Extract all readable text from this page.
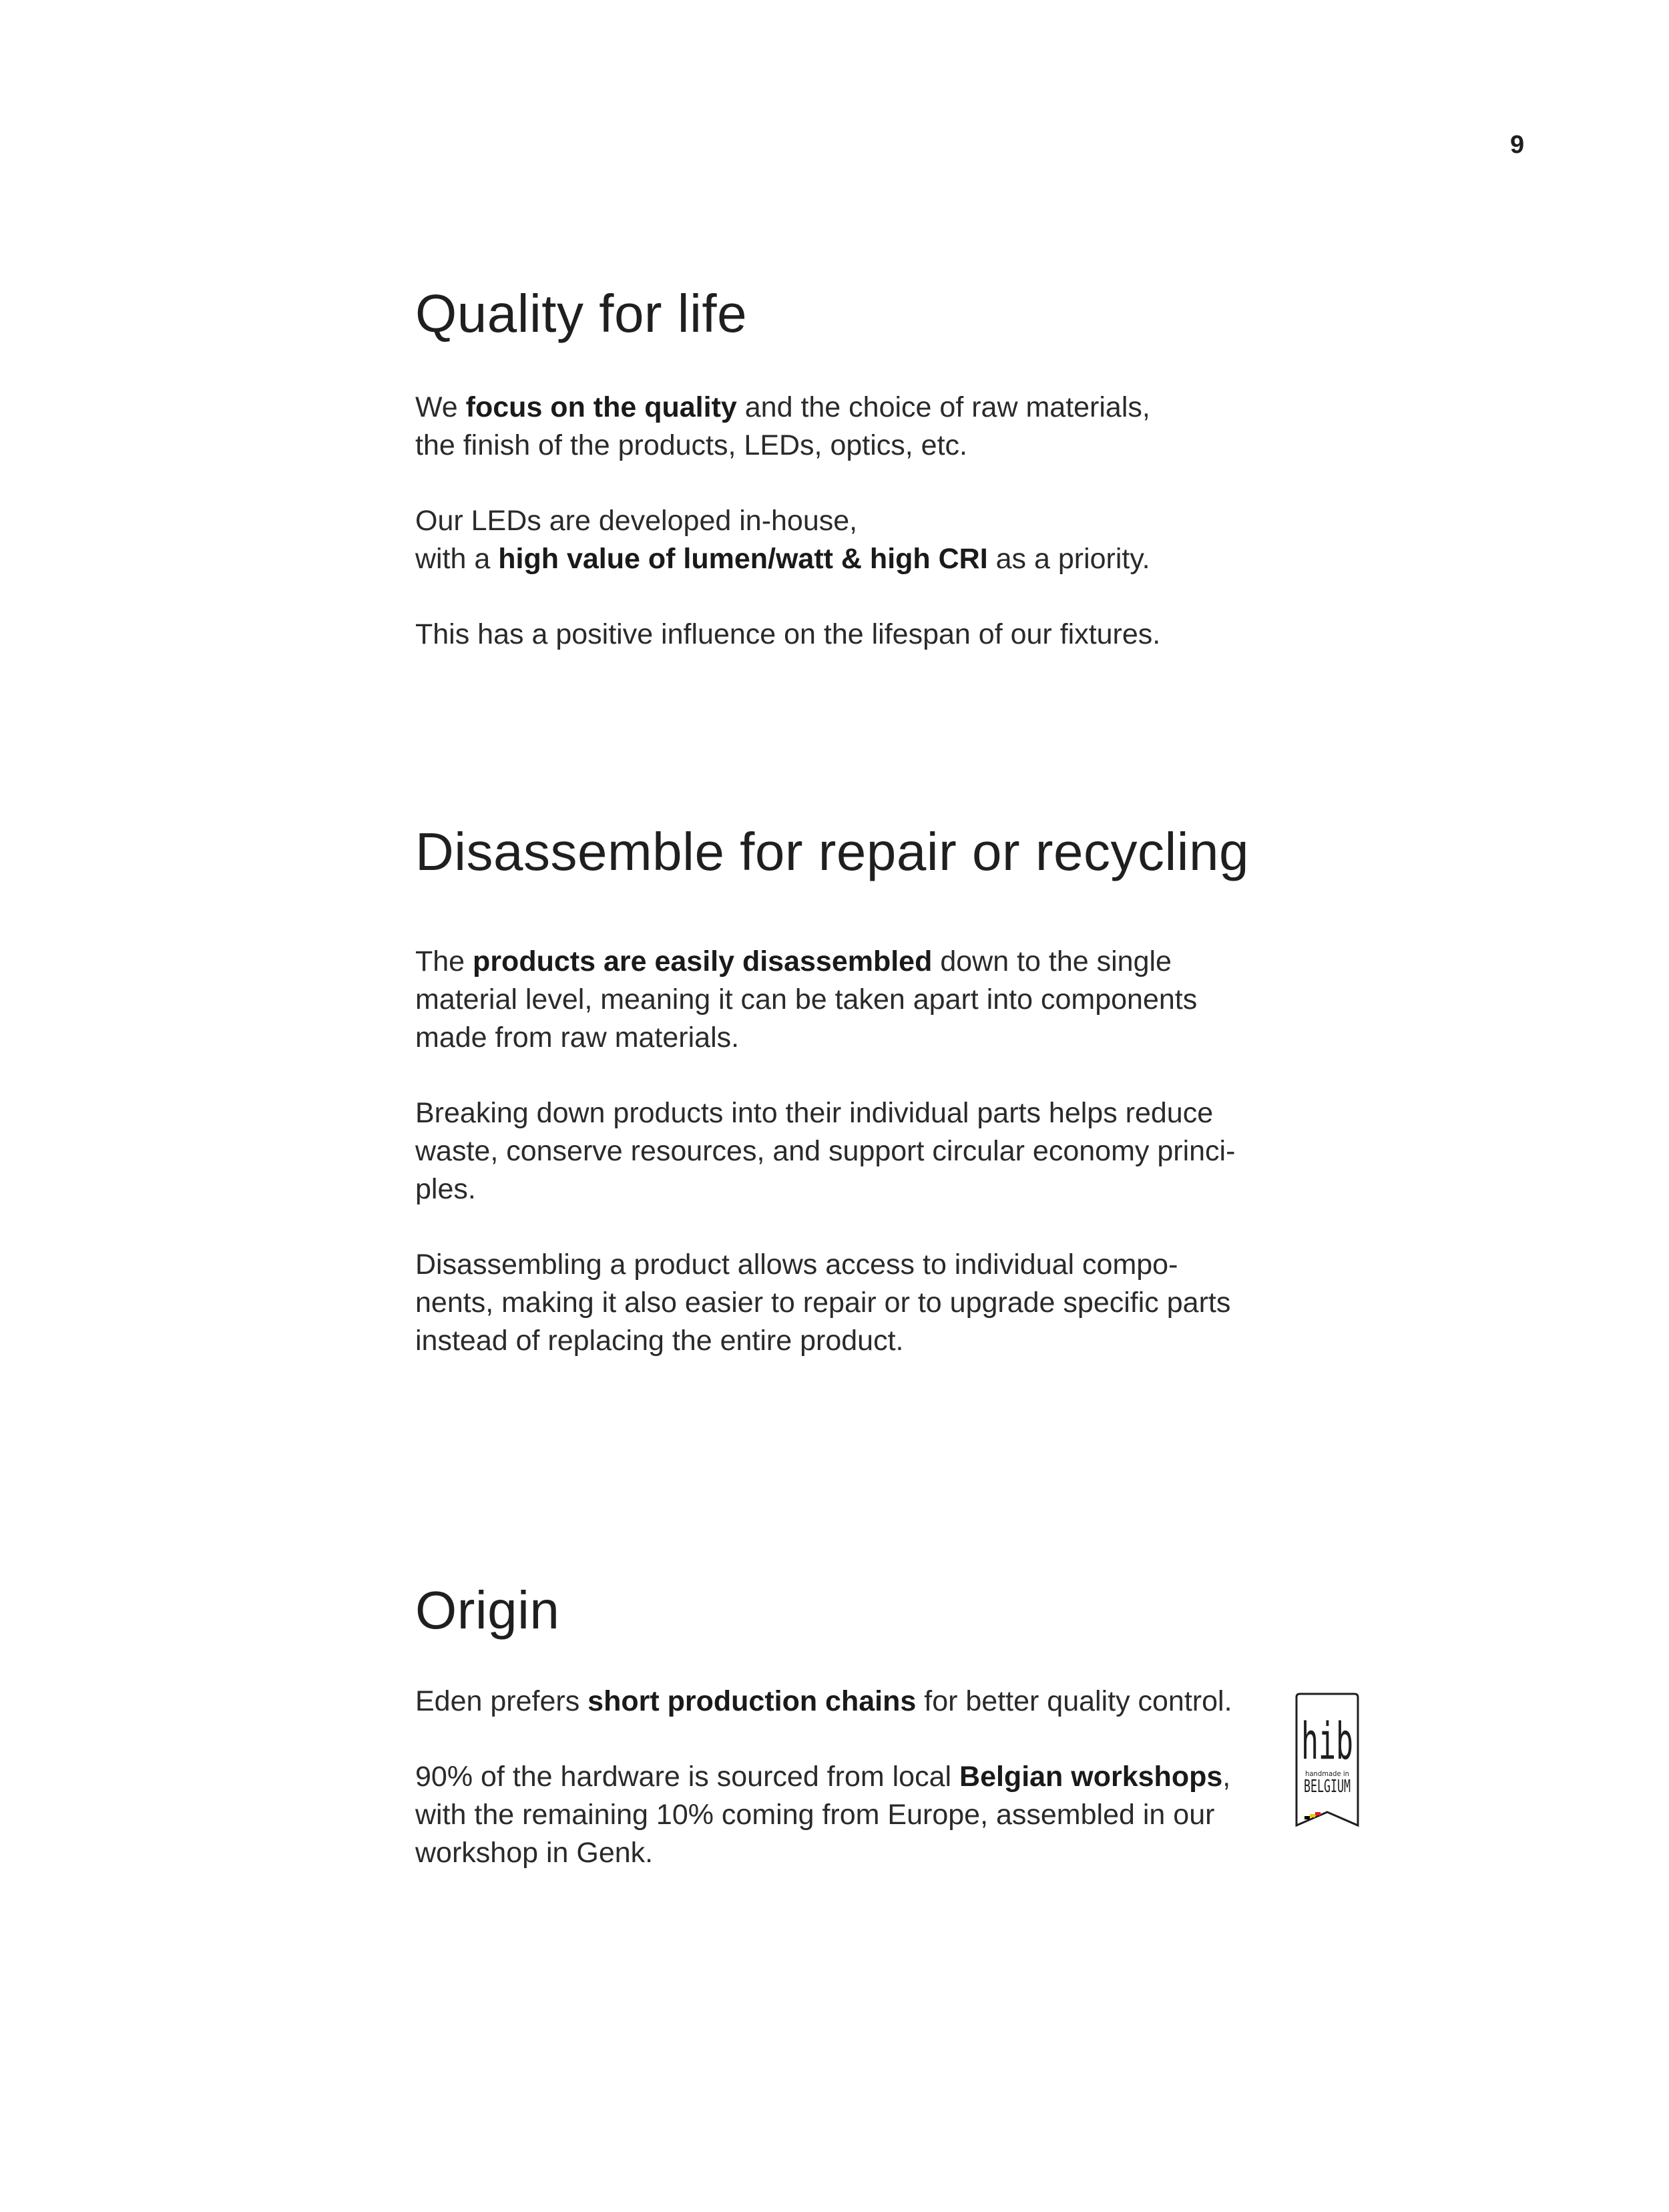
9
Quality for life

We focus on the quality and the choice of raw materials,
the finish of the products, LEDs, optics, etc.

Our LEDs are developed in-house,
with a high value of lumen/watt & high CRI as a priority.

This has a positive influence on the lifespan of our fixtures.

Disassemble for repair or recycling

The products are easily disassembled down to the single
material level, meaning it can be taken apart into components
made from raw materials.

Breaking down products into their individual parts helps reduce
waste, conserve resources, and support circular economy princi-
ples.

Disassembling a product allows access to individual compo-
nents, making it also easier to repair or to upgrade specific parts
instead of replacing the entire product.

Origin

Eden prefers short production chains for better quality control.

90% of the hardware is sourced from local Belgian workshops,
with the remaining 10% coming from Europe, assembled in our
workshop in Genk.

hib
handmade in
BELGIUM
